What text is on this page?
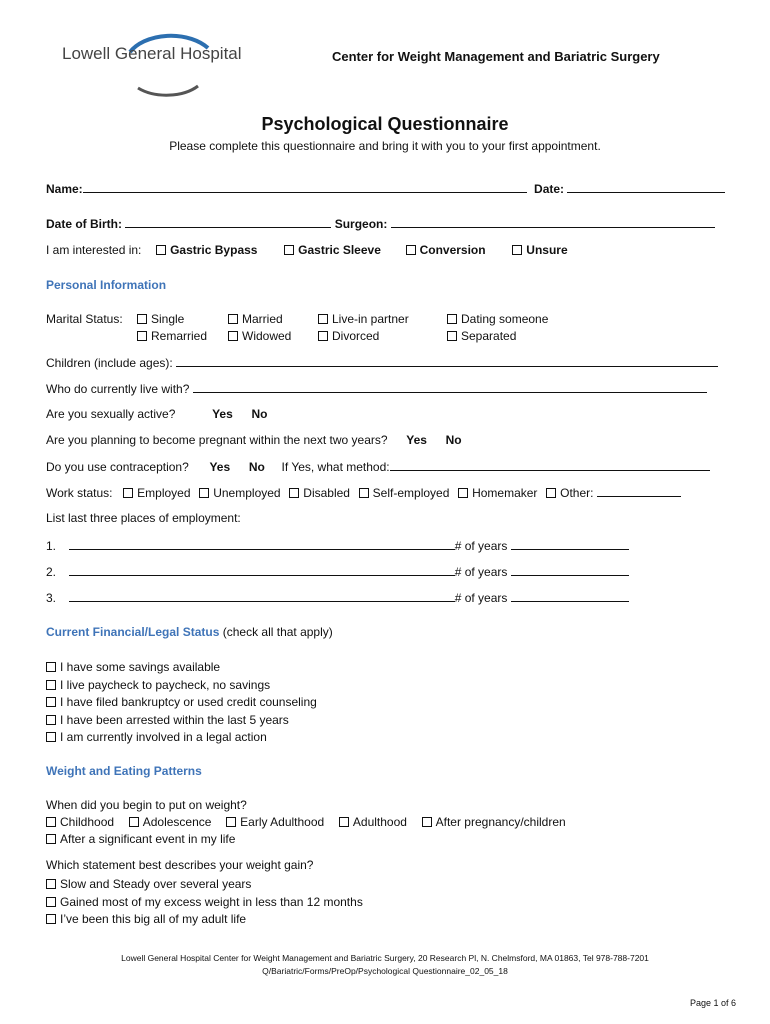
Lowell General Hospital	Center for Weight Management and Bariatric Surgery
Psychological Questionnaire
Please complete this questionnaire and bring it with you to your first appointment.
Name:	Date:
Date of Birth:	Surgeon:
I am interested in: Gastric Bypass	Gastric Sleeve	Conversion	Unsure
Personal Information
Marital Status:	Single	Married	Live-in partner	Dating someone
Remarried	Widowed	Divorced	Separated
Children (include ages):
Who do currently live with?
Are you sexually active?	Yes No
Are you planning to become pregnant within the next two years? Yes No
Do you use contraception? Yes No If Yes, what method:
Work status: Employed Unemployed Disabled Self-employed Homemaker Other:
List last three places of employment:
1.	# of years
2.	# of years
3.	# of years
Current Financial/Legal Status (check all that apply)
I have some savings available
I live paycheck to paycheck, no savings
I have filed bankruptcy or used credit counseling
I have been arrested within the last 5 years
I am currently involved in a legal action
Weight and Eating Patterns
When did you begin to put on weight?
Childhood Adolescence Early Adulthood Adulthood After pregnancy/children
After a significant event in my life
Which statement best describes your weight gain?
Slow and Steady over several years
Gained most of my excess weight in less than 12 months
I’ve been this big all of my adult life
Lowell General Hospital Center for Weight Management and Bariatric Surgery, 20 Research Pl, N. Chelmsford, MA 01863, Tel 978-788-7201
Q/Bariatric/Forms/PreOp/Psychological Questionnaire_02_05_18
Page 1 of 6
